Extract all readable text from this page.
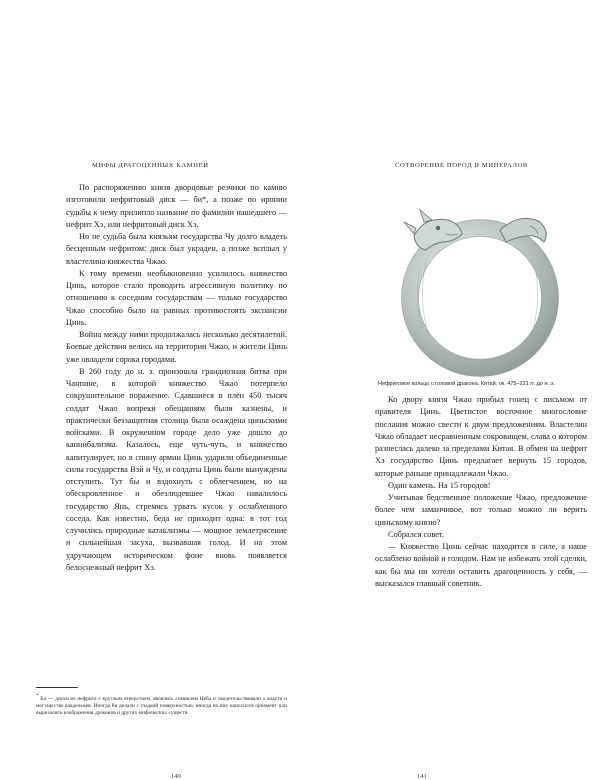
МИФЫ ДРАГОЦЕННЫХ КАМНЕЙ

По распоряжению князя дворцовые резчики по камню изготовили нефритовый диск — би*, а позже по иронии судьбы к нему прилипло название по фамилии нашедшего — нефрит Хэ, или нефритовый диск Хэ.

Но не судьба была князьям государства Чу долго владеть бесценным нефритом: диск был украден, а позже всплыл у властелина княжества Чжао.

К тому времени необыкновенно усилилось княжество Цинь, которое стало проводить агрессивную политику по отношению к соседним государствам — только государство Чжао способно было на равных противостоять экспансии Цинь.

Война между ними продолжалась несколько десятилетий. Боевые действия велись на территории Чжао, и жители Цинь уже овладели сорока городами.

В 260 году до н. э. произошла грандиозная битва при Чанпине, в которой княжество Чжао потерпело сокрушительное поражение. Сдавшиеся в плен 450 тысяч солдат Чжао вопреки обещаниям были казнены, и практически беззащитная столица была осаждена циньскими войсками. В окруженном городе дело уже дошло до каннибализма. Казалось, еще чуть-чуть, и княжество капитулирует, но в спину армии Цинь ударили объединенные силы государства Вэй и Чу, и солдаты Цинь были вынуждены отступить. Тут бы и вздохнуть с облегчением, но на обескровленное и обезлюдевшее Чжао навалилось государство Янь, стремясь урвать кусок у ослабленного соседа. Как известно, беда не приходит одна: в тот год случились природные катаклизмы — мощное землетрясение и сильнейшая засуха, вызвавшая голод. И на этом удручающем историческом фоне вновь появляется белоснежный нефрит Хэ.

* Би — диски из нефрита с круглым отверстием, являлись символом Неба и свидетельствовали о власти и могуществе владельцев. Иногда би делали с гладкой поверхностью, иногда на них наносился орнамент или вырезались изображения драконов и других мифических существ.
140
СОТВОРЕНИЕ ПОРОД И МИНЕРАЛОВ
Нефритовое кольцо с головой дракона. Китай, ок. 475–221 гг. до н. э.

Ко двору князя Чжао прибыл гонец с письмом от правителя Цинь. Цветистое восточное многословие послания можно свести к двум предложениям. Властелин Чжао обладает несравненным сокровищем, слава о котором разнеслась далеко за пределами Китая. В обмен на нефрит Хэ государство Цинь предлагает вернуть 15 городов, которые раньше принадлежали Чжао.

Один камень. На 15 городов!

Учитывая бедственное положение Чжао, предложение более чем заманчивое, вот только можно ли верить циньскому князю?

Собрался совет.

— Княжество Цинь сейчас находится в силе, а наше ослаблено войной и голодом. Нам не избежать этой сделки, как бы мы ни хотели оставить драгоценность у себя, — высказался главный советник.

141
